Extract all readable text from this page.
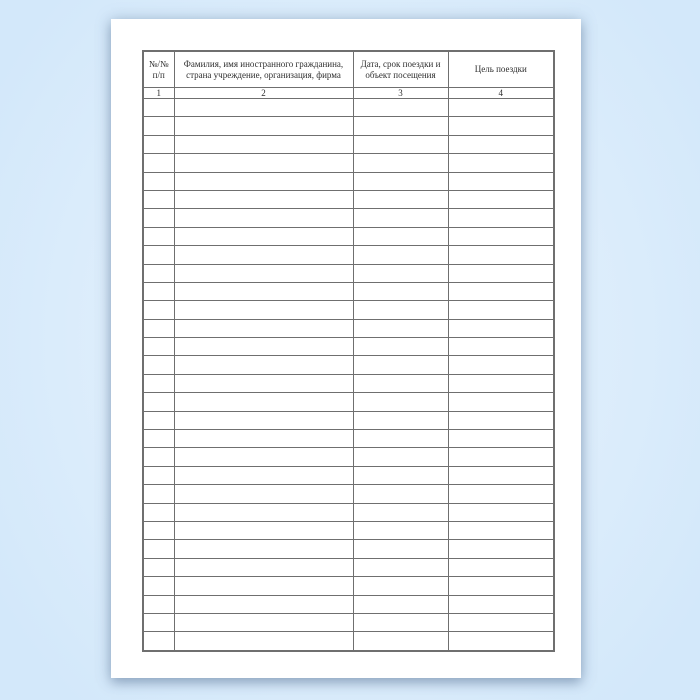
№/№ п/п	Фамилия, имя иностранного гражданина, страна учреждение, организация, фирма	Дата, срок поездки и объект посещения	Цель поездки
1	2	3	4
